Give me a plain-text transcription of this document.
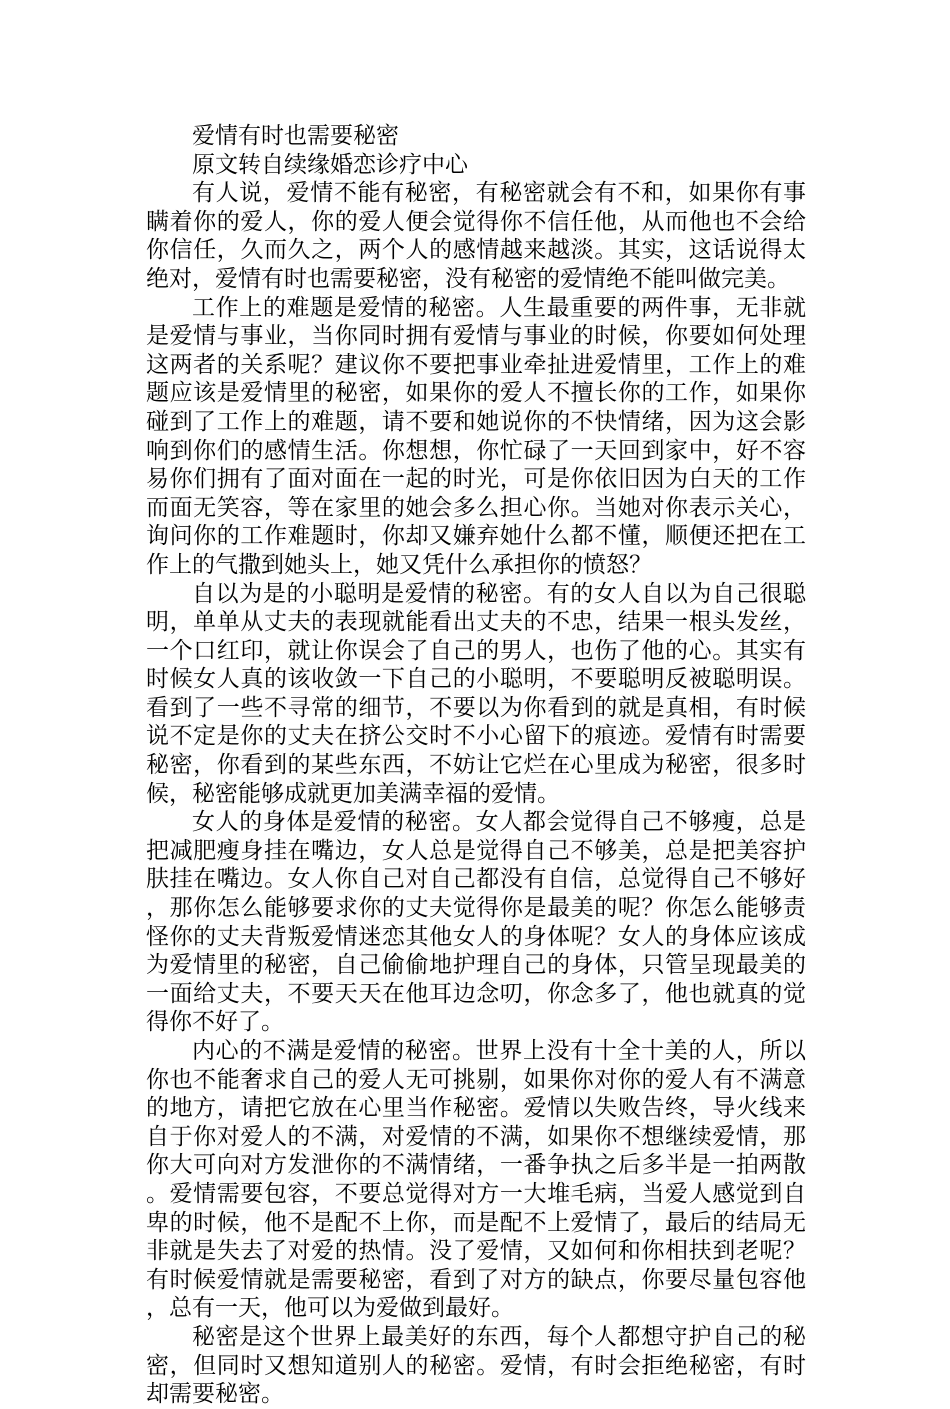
爱情有时也需要秘密

原文转自续缘婚恋诊疗中心

有人说，爱情不能有秘密，有秘密就会有不和，如果你有事瞒着你的爱人，你的爱人便会觉得你不信任他，从而他也不会给你信任，久而久之，两个人的感情越来越淡。其实，这话说得太绝对，爱情有时也需要秘密，没有秘密的爱情绝不能叫做完美。

工作上的难题是爱情的秘密。人生最重要的两件事，无非就是爱情与事业，当你同时拥有爱情与事业的时候，你要如何处理这两者的关系呢？建议你不要把事业牵扯进爱情里，工作上的难题应该是爱情里的秘密，如果你的爱人不擅长你的工作，如果你碰到了工作上的难题，请不要和她说你的不快情绪，因为这会影响到你们的感情生活。你想想，你忙碌了一天回到家中，好不容易你们拥有了面对面在一起的时光，可是你依旧因为白天的工作而面无笑容，等在家里的她会多么担心你。当她对你表示关心，询问你的工作难题时，你却又嫌弃她什么都不懂，顺便还把在工作上的气撒到她头上，她又凭什么承担你的愤怒？

自以为是的小聪明是爱情的秘密。有的女人自以为自己很聪明，单单从丈夫的表现就能看出丈夫的不忠，结果一根头发丝，一个口红印，就让你误会了自己的男人，也伤了他的心。其实有时候女人真的该收敛一下自己的小聪明，不要聪明反被聪明误。看到了一些不寻常的细节，不要以为你看到的就是真相，有时候说不定是你的丈夫在挤公交时不小心留下的痕迹。爱情有时需要秘密，你看到的某些东西，不妨让它烂在心里成为秘密，很多时候，秘密能够成就更加美满幸福的爱情。

女人的身体是爱情的秘密。女人都会觉得自己不够瘦，总是把减肥瘦身挂在嘴边，女人总是觉得自己不够美，总是把美容护肤挂在嘴边。女人你自己对自己都没有自信，总觉得自己不够好，那你怎么能够要求你的丈夫觉得你是最美的呢？你怎么能够责怪你的丈夫背叛爱情迷恋其他女人的身体呢？女人的身体应该成为爱情里的秘密，自己偷偷地护理自己的身体，只管呈现最美的一面给丈夫，不要天天在他耳边念叨，你念多了，他也就真的觉得你不好了。

内心的不满是爱情的秘密。世界上没有十全十美的人，所以你也不能奢求自己的爱人无可挑剔，如果你对你的爱人有不满意的地方，请把它放在心里当作秘密。爱情以失败告终，导火线来自于你对爱人的不满，对爱情的不满，如果你不想继续爱情，那你大可向对方发泄你的不满情绪，一番争执之后多半是一拍两散。爱情需要包容，不要总觉得对方一大堆毛病，当爱人感觉到自卑的时候，他不是配不上你，而是配不上爱情了，最后的结局无非就是失去了对爱的热情。没了爱情，又如何和你相扶到老呢？有时候爱情就是需要秘密，看到了对方的缺点，你要尽量包容他，总有一天，他可以为爱做到最好。

秘密是这个世界上最美好的东西，每个人都想守护自己的秘密，但同时又想知道别人的秘密。爱情，有时会拒绝秘密，有时却需要秘密。
